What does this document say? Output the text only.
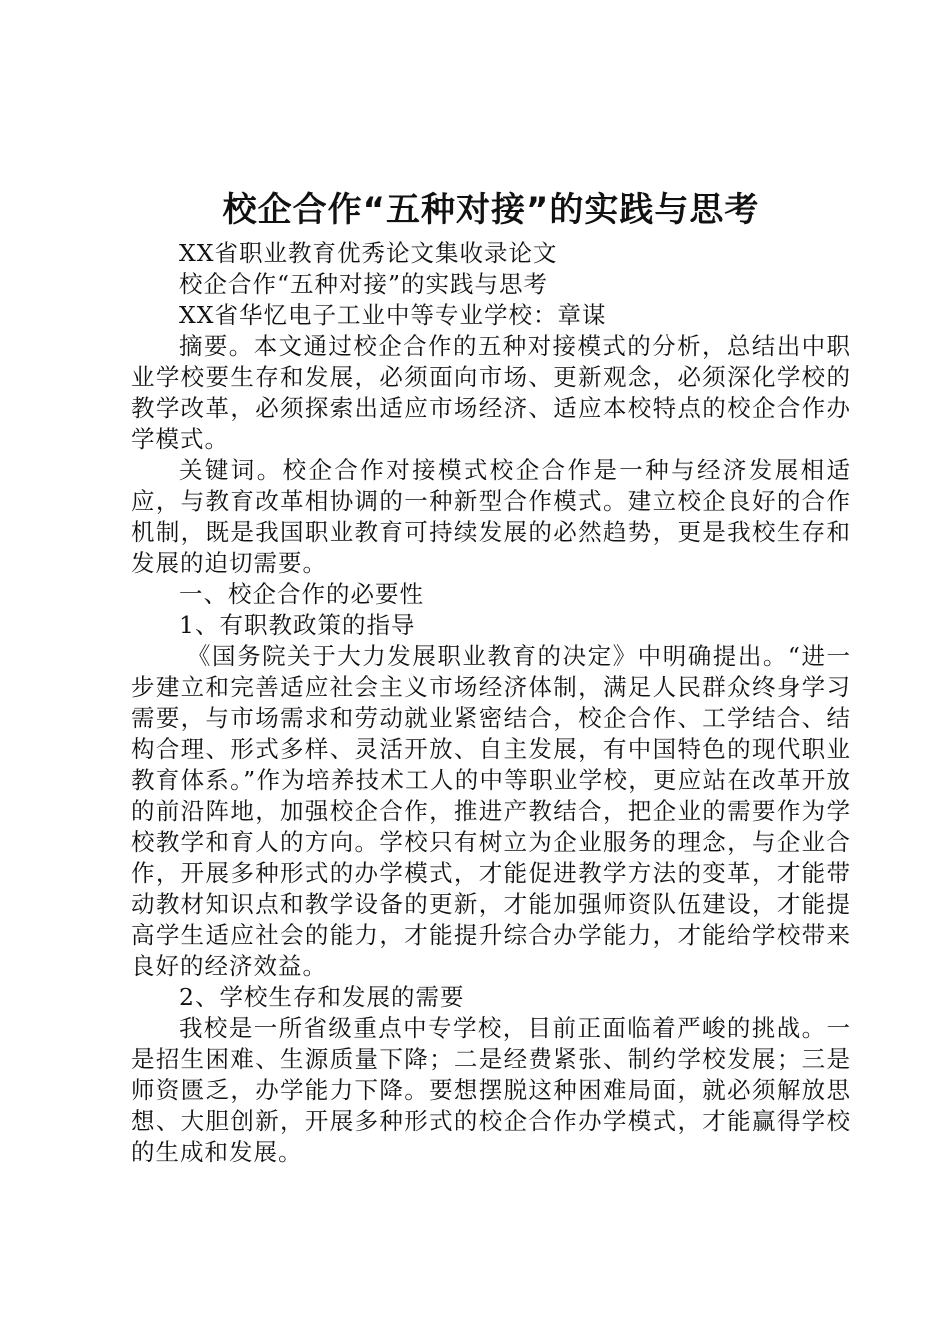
校企合作“五种对接”的实践与思考

XX省职业教育优秀论文集收录论文

校企合作“五种对接”的实践与思考

XX省华忆电子工业中等专业学校：章谋

摘要。本文通过校企合作的五种对接模式的分析，总结出中职业学校要生存和发展，必须面向市场、更新观念，必须深化学校的教学改革，必须探索出适应市场经济、适应本校特点的校企合作办学模式。

关键词。校企合作对接模式校企合作是一种与经济发展相适应，与教育改革相协调的一种新型合作模式。建立校企良好的合作机制，既是我国职业教育可持续发展的必然趋势，更是我校生存和发展的迫切需要。

一、校企合作的必要性

1、有职教政策的指导

《国务院关于大力发展职业教育的决定》中明确提出。“进一步建立和完善适应社会主义市场经济体制，满足人民群众终身学习需要，与市场需求和劳动就业紧密结合，校企合作、工学结合、结构合理、形式多样、灵活开放、自主发展，有中国特色的现代职业教育体系。”作为培养技术工人的中等职业学校，更应站在改革开放的前沿阵地，加强校企合作，推进产教结合，把企业的需要作为学校教学和育人的方向。学校只有树立为企业服务的理念，与企业合作，开展多种形式的办学模式，才能促进教学方法的变革，才能带动教材知识点和教学设备的更新，才能加强师资队伍建设，才能提高学生适应社会的能力，才能提升综合办学能力，才能给学校带来良好的经济效益。

2、学校生存和发展的需要

我校是一所省级重点中专学校，目前正面临着严峻的挑战。一是招生困难、生源质量下降；二是经费紧张、制约学校发展；三是师资匮乏，办学能力下降。要想摆脱这种困难局面，就必须解放思想、大胆创新，开展多种形式的校企合作办学模式，才能赢得学校的生成和发展。
